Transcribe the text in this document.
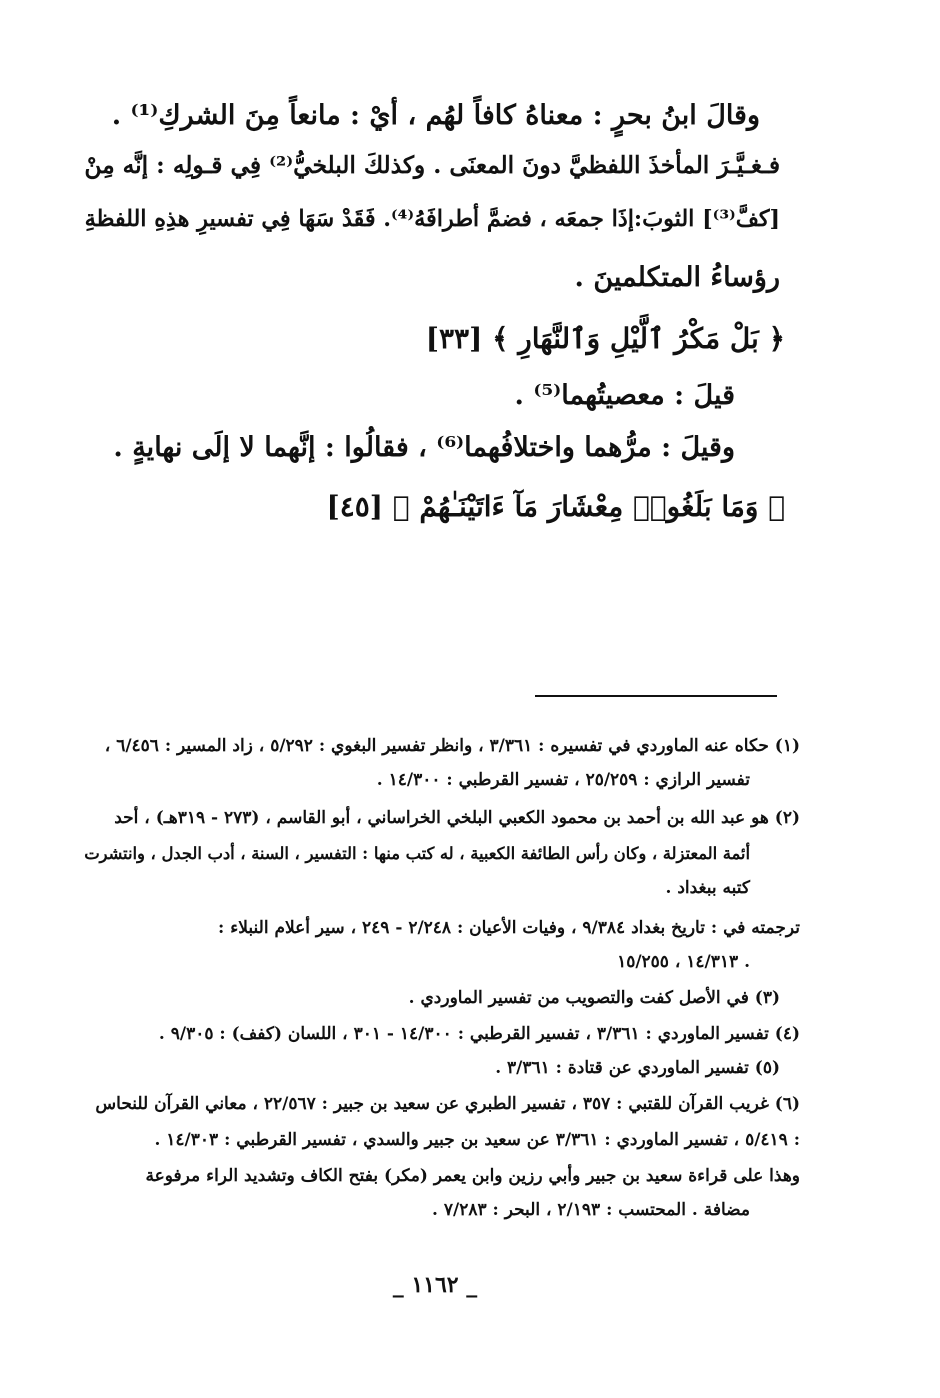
وقالَ ابنُ بحرٍ : معناهُ كافاً لهُم ، أيْ : مانعاً مِنَ الشركِ⁽¹⁾ .
فـغـيَّـرَ المأخذَ اللفظيَّ دونَ المعنَى . وكذلكَ البلخيُّ⁽²⁾ فِي قـولِه : إنَّه مِنْ
[كفَّ⁽³⁾] الثوبَ:إذَا جمعَه ، فضمَّ أطرافَهُ⁽⁴⁾. فَقَدْ سَهَا فِي تفسيرِ هذِهِ اللفظةِ
رؤساءُ المتكلمينَ .
﴿ بَلْ مَكْرُ ٱلَّيْلِ وَٱلنَّهَارِ ﴾ [٣٣]
قيلَ : معصيتُهما⁽⁵⁾ .
وقيلَ : مرُّهما واختلافُهما⁽⁶⁾ ، فقالُوا : إنَّهما لا إلَى نهايةٍ .
﴿ وَمَا بَلَغُوا۟ مِعْشَارَ مَآ ءَاتَيْنَـٰهُمْ ﴾ [٤٥]
(١) حكاه عنه الماوردي في تفسيره : ٣/٣٦١ ، وانظر تفسير البغوي : ٥/٢٩٢ ، زاد المسير : ٦/٤٥٦ ،
تفسير الرازي : ٢٥/٢٥٩ ، تفسير القرطبي : ١٤/٣٠٠ .
(٢) هو عبد الله بن أحمد بن محمود الكعبي البلخي الخراساني ، أبو القاسم ، (٢٧٣ - ٣١٩هـ) ، أحد
أئمة المعتزلة ، وكان رأس الطائفة الكعبية ، له كتب منها : التفسير ، السنة ، أدب الجدل ، وانتشرت
كتبه ببغداد .
ترجمته في : تاريخ بغداد ٩/٣٨٤ ، وفيات الأعيان : ٢/٢٤٨ - ٢٤٩ ، سير أعلام النبلاء :
١٤/٣١٣ ، ١٥/٢٥٥ .
(٣) في الأصل كفت والتصويب من تفسير الماوردي .
(٤) تفسير الماوردي : ٣/٣٦١ ، تفسير القرطبي : ١٤/٣٠٠ - ٣٠١ ، اللسان (كفف) : ٩/٣٠٥ .
(٥) تفسير الماوردي عن قتادة : ٣/٣٦١ .
(٦) غريب القرآن للقتبي : ٣٥٧ ، تفسير الطبري عن سعيد بن جبير : ٢٢/٥٦٧ ، معاني القرآن للنحاس
: ٥/٤١٩ ، تفسير الماوردي : ٣/٣٦١ عن سعيد بن جبير والسدي ، تفسير القرطبي : ١٤/٣٠٣ .
وهذا على قراءة سعيد بن جبير وأبي رزين وابن يعمر (مكر) بفتح الكاف وتشديد الراء مرفوعة
مضافة . المحتسب : ٢/١٩٣ ، البحر : ٧/٢٨٣ .
_ ١١٦٢ _
